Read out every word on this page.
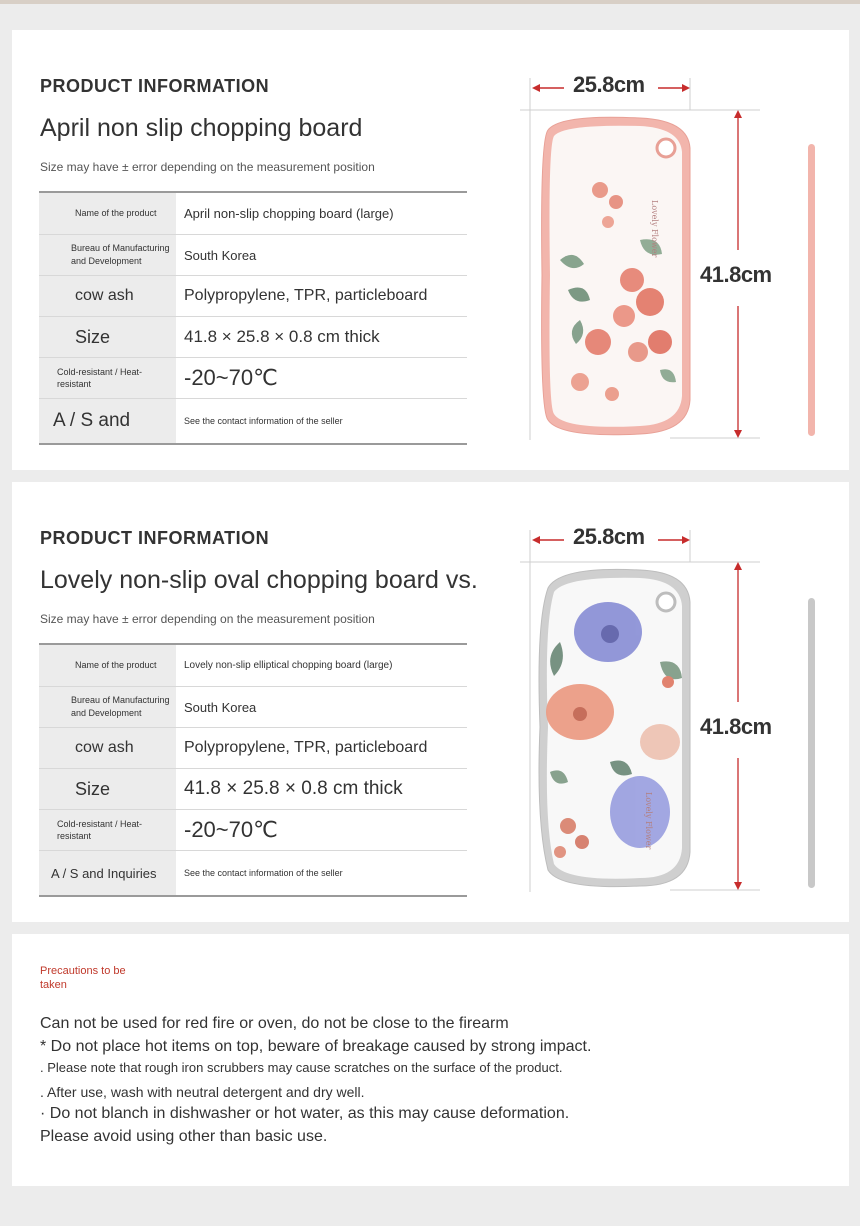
PRODUCT INFORMATION
April non slip chopping board
Size may have ± error depending on the measurement position
Name of the product	April non-slip chopping board (large)
Bureau of Manufacturing and Development	South Korea
cow ash	Polypropylene, TPR, particleboard
Size	41.8 × 25.8 × 0.8 cm thick
Cold-resistant / Heat-resistant	-20~70℃
A / S and	See the contact information of the seller
25.8cm
41.8cm
Lovely Flower
PRODUCT INFORMATION
Lovely non-slip oval chopping board vs.
Size may have ± error depending on the measurement position
Name of the product	Lovely non-slip elliptical chopping board (large)
Bureau of Manufacturing and Development	South Korea
cow ash	Polypropylene, TPR, particleboard
Size	41.8 × 25.8 × 0.8 cm thick
Cold-resistant / Heat-resistant	-20~70℃
A / S and Inquiries	See the contact information of the seller
25.8cm
41.8cm
Lovely Flower
Precautions to be taken
Can not be used for red fire or oven, do not be close to the firearm
* Do not place hot items on top, beware of breakage caused by strong impact.
. Please note that rough iron scrubbers may cause scratches on the surface of the product.
. After use, wash with neutral detergent and dry well.
· Do not blanch in dishwasher or hot water, as this may cause deformation.
Please avoid using other than basic use.
